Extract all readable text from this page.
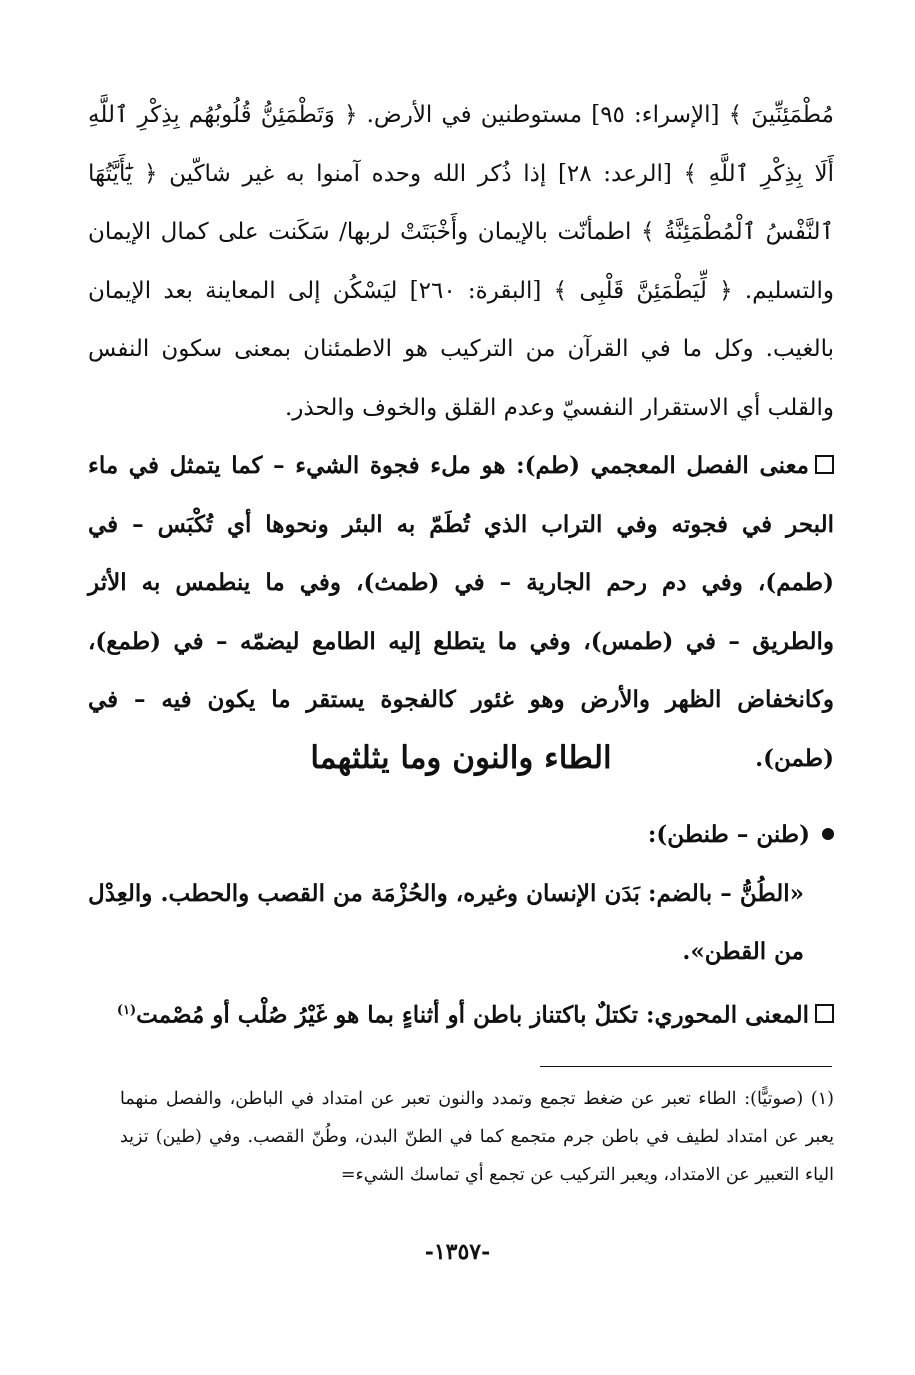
مُطْمَئِنِّينَ ﴾ [الإسراء: ٩٥] مستوطنين في الأرض. ﴿ وَتَطْمَئِنُّ قُلُوبُهُم بِذِكْرِ ٱللَّهِ أَلَا بِذِكْرِ ٱللَّهِ ﴾ [الرعد: ٢٨] إذا ذُكر الله وحده آمنوا به غير شاكّين ﴿ يَٰٓأَيَّتُهَا ٱلنَّفْسُ ٱلْمُطْمَئِنَّةُ ﴾ اطمأنّت بالإيمان وأَخْبَتَتْ لربها/ سَكَنت على كمال الإيمان والتسليم. ﴿ لِّيَطْمَئِنَّ قَلْبِى ﴾ [البقرة: ٢٦٠] ليَسْكُن إلى المعاينة بعد الإيمان بالغيب. وكل ما في القرآن من التركيب هو الاطمئنان بمعنى سكون النفس والقلب أي الاستقرار النفسيّ وعدم القلق والخوف والحذر.

معنى الفصل المعجمي (طم): هو ملء فجوة الشيء – كما يتمثل في ماء البحر في فجوته وفي التراب الذي تُطَمّ به البئر ونحوها أي تُكْبَس – في (طمم)، وفي دم رحم الجارية – في (طمث)، وفي ما ينطمس به الأثر والطريق – في (طمس)، وفي ما يتطلع إليه الطامع ليضمّه – في (طمع)، وكانخفاض الظهر والأرض وهو غئور كالفجوة يستقر ما يكون فيه – في (طمن).

الطاء والنون وما يثلثهما

(طنن – طنطن):

«الطُنُّ – بالضم: بَدَن الإنسان وغيره، والحُزْمَة من القصب والحطب. والعِدْل من القطن».

المعنى المحوري: تكتلٌ باكتناز باطن أو أثناءٍ بما هو غَيْرُ صُلْب أو مُصْمت$^{(١)}$

(١) (صوتيًّا): الطاء تعبر عن ضغط تجمع وتمدد والنون تعبر عن امتداد في الباطن، والفصل منهما يعبر عن امتداد لطيف في باطن جرم متجمع كما في الطنّ البدن، وطُنّ القصب. وفي (طين) تزيد الياء التعبير عن الامتداد، ويعبر التركيب عن تجمع أي تماسك الشيء=

-١٣٥٧-
